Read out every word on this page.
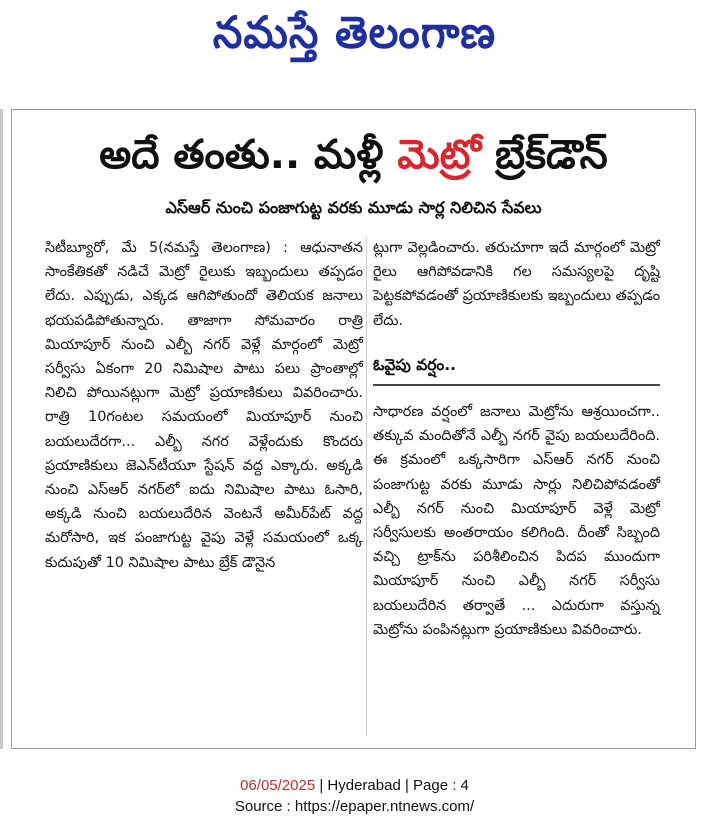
నమస్తే తెలంగాణ
అదే తంతు.. మళ్లీ మెట్రో బ్రేక్‌డౌన్
ఎస్‌ఆర్ నుంచి పంజాగుట్ట వరకు మూడు సార్ల నిలిచిన సేవలు

సిటీబ్యూరో, మే 5(నమస్తే తెలంగాణ) : ఆధునాతన సాంకేతికతో నడిచే మెట్రో రైలుకు ఇబ్బందులు తప్పడం లేదు. ఎప్పుడు, ఎక్కడ ఆగిపోతుందో తెలియక జనాలు భయపడిపోతున్నారు. తాజాగా సోమవారం రాత్రి మియాపూర్ నుంచి ఎల్బీ నగర్ వెళ్లే మార్గంలో మెట్రో సర్వీసు ఏకంగా 20 నిమిషాల పాటు పలు ప్రాంతాల్లో నిలిచి పోయినట్లుగా మెట్రో ప్రయాణికులు వివరించారు. రాత్రి 10గంటల సమయంలో మియాపూర్ నుంచి బయలుదేరగా... ఎల్బీ నగర వెళ్లేందుకు కొందరు ప్రయాణికులు జెఎన్‌టీయూ స్టేషన్ వద్ద ఎక్కారు. అక్కడి నుంచి ఎస్‌ఆర్ నగర్‌లో ఐదు నిమిషాల పాటు ఓసారి, అక్కడి నుంచి బయలుదేరిన వెంటనే అమీర్‌పేట్ వద్ద మరోసారి, ఇక పంజాగుట్ట వైపు వెళ్లే సమయంలో ఒక్క కుదుపుతో 10 నిమిషాల పాటు బ్రేక్ డౌనైన

ట్లుగా వెల్లడించారు. తరుచూగా ఇదే మార్గంలో మెట్రో రైలు ఆగిపోవడానికి గల సమస్యలపై దృష్టి పెట్టకపోవడంతో ప్రయాణికులకు ఇబ్బందులు తప్పడం లేదు.

ఓవైపు వర్షం..

సాధారణ వర్షంలో జనాలు మెట్రోను ఆశ్రయించగా.. తక్కువ మందితోనే ఎల్బీ నగర్ వైపు బయలుదేరింది. ఈ క్రమంలో ఒక్కసారిగా ఎస్‌ఆర్ నగర్ నుంచి పంజాగుట్ట వరకు మూడు సార్లు నిలిచిపోవడంతో ఎల్బీ నగర్ నుంచి మియాపూర్ వెళ్లే మెట్రో సర్వీసులకు అంతరాయం కలిగింది. దీంతో సిబ్బంది వచ్చి ట్రాక్‌ను పరిశీలించిన పిదప ముందుగా మియాపూర్ నుంచి ఎల్బీ నగర్ సర్వీసు బయలుదేరిన తర్వాతే ... ఎదురుగా వస్తున్న మెట్రోను పంపినట్లుగా ప్రయాణికులు వివరించారు.

06/05/2025 | Hyderabad | Page : 4
Source : https://epaper.ntnews.com/
